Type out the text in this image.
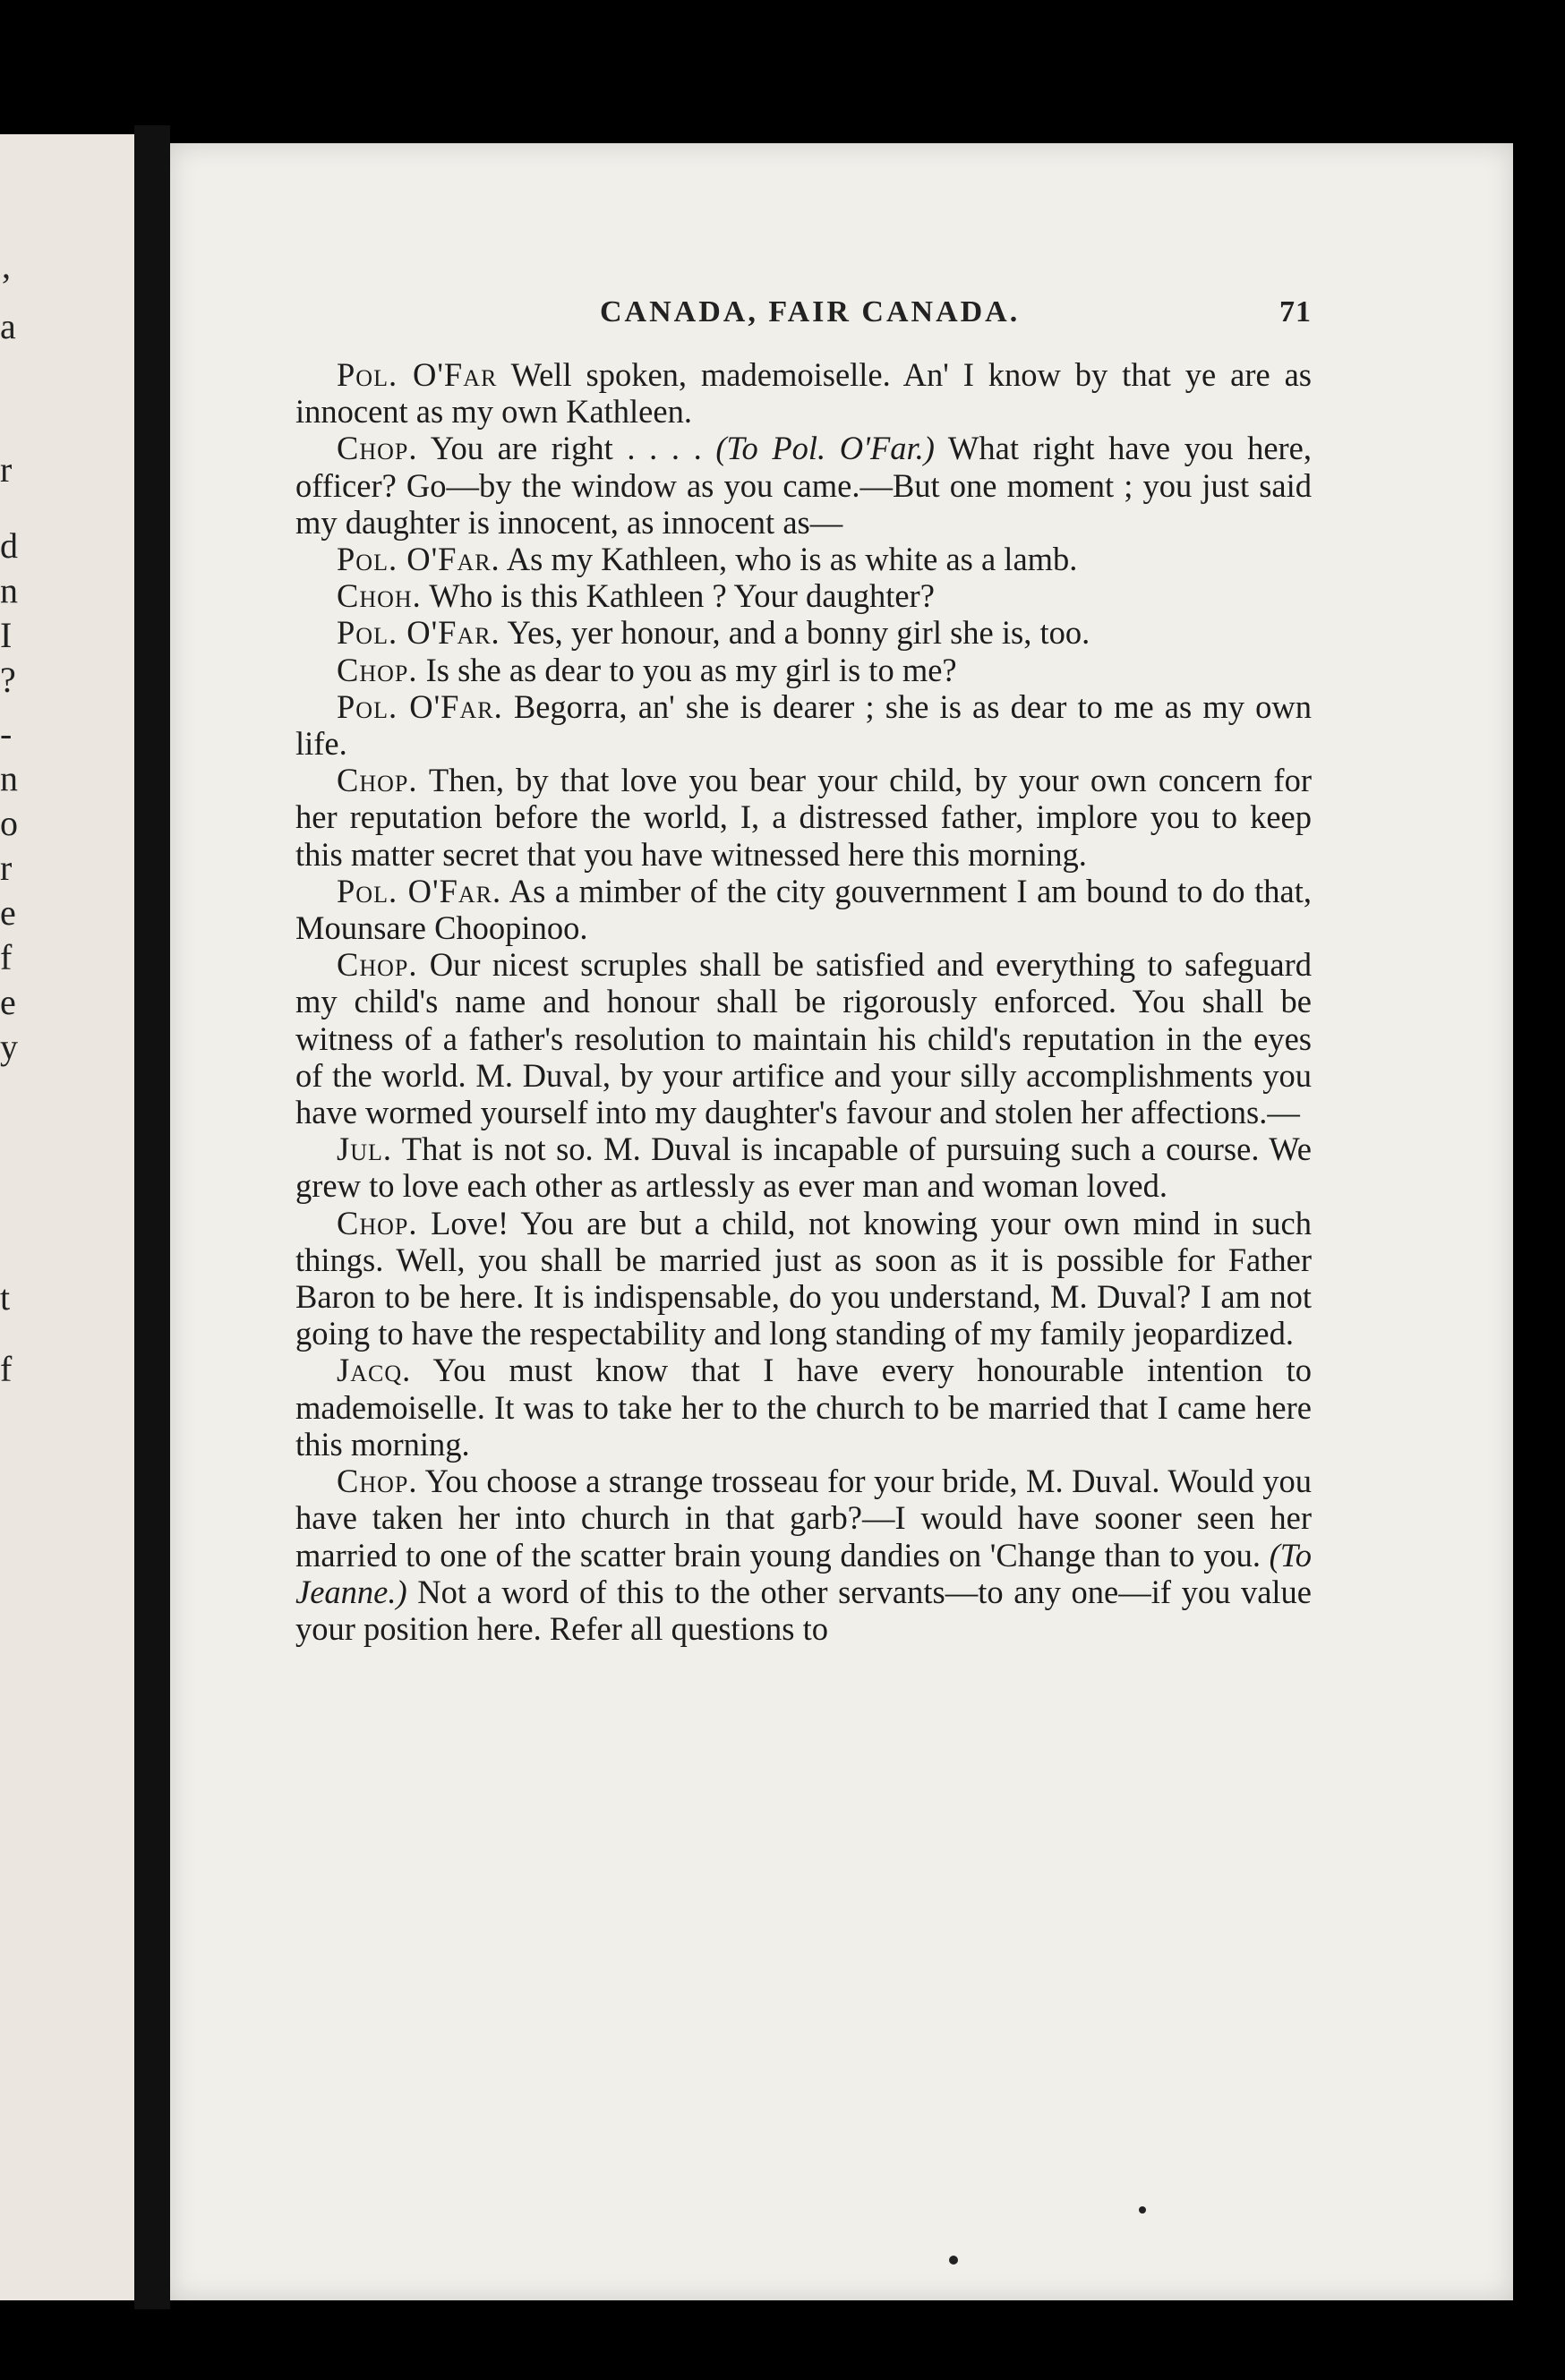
’
a
r
d
n
I
?
-
n
o
r
e
f
e
y
t
f
CANADA, FAIR CANADA.	71

Pol. O'Far Well spoken, mademoiselle. An' I know by that ye are as innocent as my own Kathleen.

Chop. You are right . . . . (To Pol. O'Far.) What right have you here, officer? Go—by the window as you came.—But one moment ; you just said my daughter is innocent, as innocent as—

Pol. O'Far. As my Kathleen, who is as white as a lamb.

Choh. Who is this Kathleen ? Your daughter?

Pol. O'Far. Yes, yer honour, and a bonny girl she is, too.

Chop. Is she as dear to you as my girl is to me?

Pol. O'Far. Begorra, an' she is dearer ; she is as dear to me as my own life.

Chop. Then, by that love you bear your child, by your own concern for her reputation before the world, I, a distressed father, implore you to keep this matter secret that you have witnessed here this morning.

Pol. O'Far. As a mimber of the city gouvernment I am bound to do that, Mounsare Choopinoo.

Chop. Our nicest scruples shall be satisfied and everything to safeguard my child's name and honour shall be rigorously enforced. You shall be witness of a father's resolution to maintain his child's reputation in the eyes of the world. M. Duval, by your artifice and your silly accomplishments you have wormed yourself into my daughter's favour and stolen her affections.—

Jul. That is not so. M. Duval is incapable of pursuing such a course. We grew to love each other as artlessly as ever man and woman loved.

Chop. Love! You are but a child, not knowing your own mind in such things. Well, you shall be married just as soon as it is possible for Father Baron to be here. It is indispensable, do you understand, M. Duval? I am not going to have the respectability and long standing of my family jeopardized.

Jacq. You must know that I have every honourable intention to mademoiselle. It was to take her to the church to be married that I came here this morning.

Chop. You choose a strange trosseau for your bride, M. Duval. Would you have taken her into church in that garb?—I would have sooner seen her married to one of the scatter brain young dandies on 'Change than to you. (To Jeanne.) Not a word of this to the other servants—to any one—if you value your position here. Refer all questions to
